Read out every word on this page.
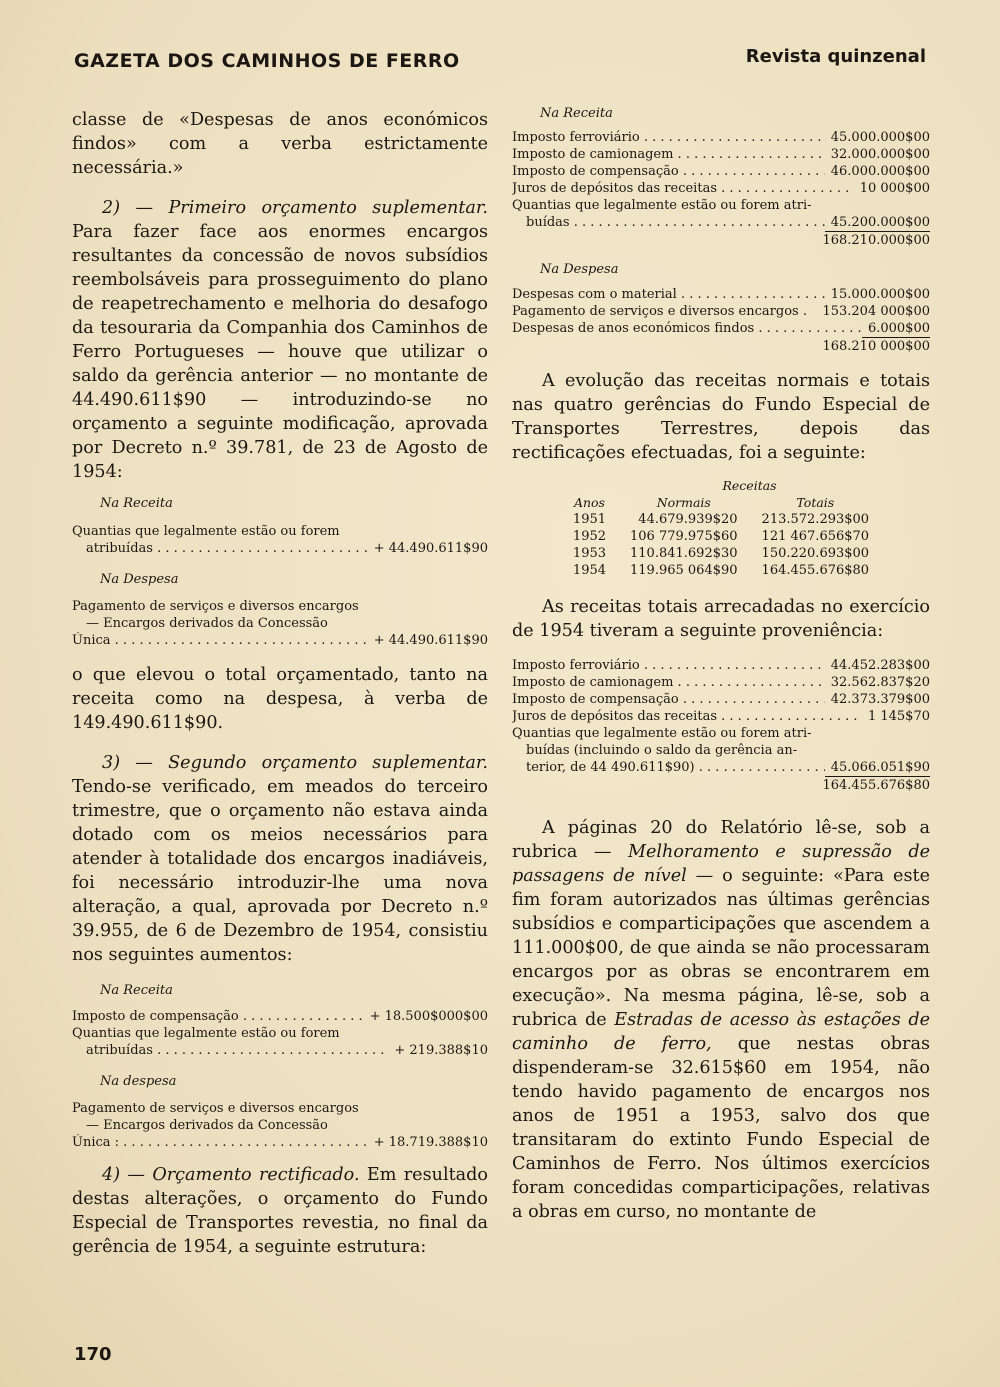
GAZETA DOS CAMINHOS DE FERRO	Revista quinzenal

classe de «Despesas de anos económicos findos» com a verba estrictamente necessária.»

2) — Primeiro orçamento suplementar. Para fazer face aos enormes encargos resultantes da concessão de novos subsídios reembolsáveis para prosseguimento do plano de reapetrechamento e melhoria do desafogo da tesouraria da Companhia dos Caminhos de Ferro Portugueses — houve que utilizar o saldo da gerência anterior — no montante de 44.490.611$90 — introduzindo-se no orçamento a seguinte modificação, aprovada por Decreto n.º 39.781, de 23 de Agosto de 1954:

Na Receita

Quantias que legalmente estão ou forem
atribuídas . . .	+ 44.490.611$90

Na Despesa

Pagamento de serviços e diversos encargos
— Encargos derivados da Concessão
Única . . .	+ 44.490.611$90

o que elevou o total orçamentado, tanto na receita como na despesa, à verba de 149.490.611$90.

3) — Segundo orçamento suplementar. Tendo-se verificado, em meados do terceiro trimestre, que o orçamento não estava ainda dotado com os meios necessários para atender à totalidade dos encargos inadiáveis, foi necessário introduzir-lhe uma nova alteração, a qual, aprovada por Decreto n.º 39.955, de 6 de Dezembro de 1954, consistiu nos seguintes aumentos:

Na Receita

Imposto de compensação . . .	+ 18.500$000$00
Quantias que legalmente estão ou forem
atribuídas . . .	+ 219.388$10

Na despesa

Pagamento de serviços e diversos encargos
— Encargos derivados da Concessão
Única : . . .	+ 18.719.388$10

4) — Orçamento rectificado. Em resultado destas alterações, o orçamento do Fundo Especial de Transportes revestia, no final da gerência de 1954, a seguinte estrutura:

Na Receita

Imposto ferroviário . . .	45.000.000$00
Imposto de camionagem . . .	32.000.000$00
Imposto de compensação . . .	46.000.000$00
Juros de depósitos das receitas . . .	10 000$00
Quantias que legalmente estão ou forem atri-
buídas . . .	45.200.000$00

168.210.000$00

Na Despesa

Despesas com o material . . .	15.000.000$00
Pagamento de serviços e diversos encargos .	153.204 000$00
Despesas de anos económicos findos . . .	6.000$00

168.210 000$00

A evolução das receitas normais e totais nas quatro gerências do Fundo Especial de Transportes Terrestres, depois das rectificações efectuadas, foi a seguinte:

	Receitas	
Anos	Normais	Totais
1951	44.679.939$20	213.572.293$00
1952	106 779.975$60	121 467.656$70
1953	110.841.692$30	150.220.693$00
1954	119.965 064$90	164.455.676$80

As receitas totais arrecadadas no exercício de 1954 tiveram a seguinte proveniência:

Imposto ferroviário . . .	44.452.283$00
Imposto de camionagem . . .	32.562.837$20
Imposto de compensação . . .	42.373.379$00
Juros de depósitos das receitas . . .	1 145$70
Quantias que legalmente estão ou forem atri-
buídas (incluindo o saldo da gerência an-
terior, de 44 490.611$90) . . .	45.066.051$90

164.455.676$80

A páginas 20 do Relatório lê-se, sob a rubrica — Melhoramento e supressão de passagens de nível — o seguinte: «Para este fim foram autorizados nas últimas gerências subsídios e comparticipações que ascendem a 111.000$00, de que ainda se não processaram encargos por as obras se encontrarem em execução». Na mesma página, lê-se, sob a rubrica de Estradas de acesso às estações de caminho de ferro, que nestas obras dispenderam-se 32.615$60 em 1954, não tendo havido pagamento de encargos nos anos de 1951 a 1953, salvo dos que transitaram do extinto Fundo Especial de Caminhos de Ferro. Nos últimos exercícios foram concedidas comparticipações, relativas a obras em curso, no montante de

170
